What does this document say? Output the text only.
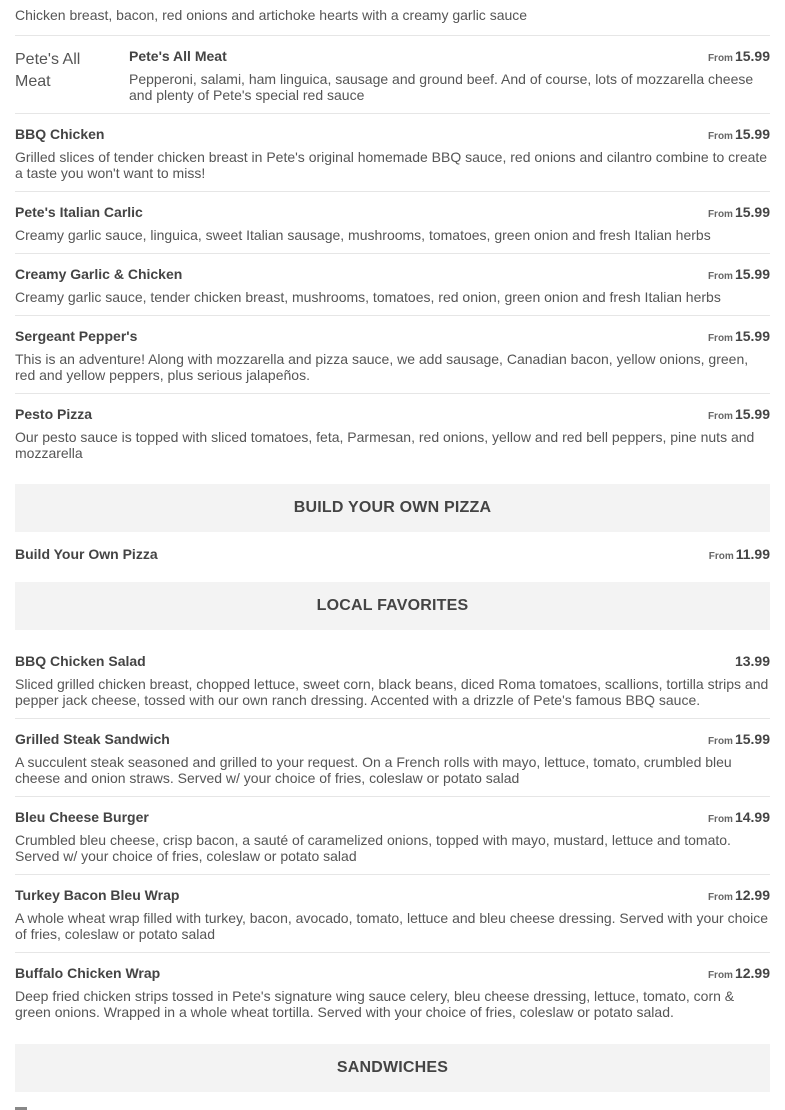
Chicken breast, bacon, red onions and artichoke hearts with a creamy garlic sauce
Pete's All Meat
Pete's All Meat	From 15.99
Pepperoni, salami, ham linguica, sausage and ground beef. And of course, lots of mozzarella cheese and plenty of Pete's special red sauce
BBQ Chicken	From 15.99
Grilled slices of tender chicken breast in Pete's original homemade BBQ sauce, red onions and cilantro combine to create a taste you won't want to miss!
Pete's Italian Carlic	From 15.99
Creamy garlic sauce, linguica, sweet Italian sausage, mushrooms, tomatoes, green onion and fresh Italian herbs
Creamy Garlic & Chicken	From 15.99
Creamy garlic sauce, tender chicken breast, mushrooms, tomatoes, red onion, green onion and fresh Italian herbs
Sergeant Pepper's	From 15.99
This is an adventure! Along with mozzarella and pizza sauce, we add sausage, Canadian bacon, yellow onions, green, red and yellow peppers, plus serious jalapeños.
Pesto Pizza	From 15.99
Our pesto sauce is topped with sliced tomatoes, feta, Parmesan, red onions, yellow and red bell peppers, pine nuts and mozzarella
BUILD YOUR OWN PIZZA
Build Your Own Pizza	From 11.99
LOCAL FAVORITES
BBQ Chicken Salad	13.99
Sliced grilled chicken breast, chopped lettuce, sweet corn, black beans, diced Roma tomatoes, scallions, tortilla strips and pepper jack cheese, tossed with our own ranch dressing. Accented with a drizzle of Pete's famous BBQ sauce.
Grilled Steak Sandwich	From 15.99
A succulent steak seasoned and grilled to your request. On a French rolls with mayo, lettuce, tomato, crumbled bleu cheese and onion straws. Served w/ your choice of fries, coleslaw or potato salad
Bleu Cheese Burger	From 14.99
Crumbled bleu cheese, crisp bacon, a sauté of caramelized onions, topped with mayo, mustard, lettuce and tomato. Served w/ your choice of fries, coleslaw or potato salad
Turkey Bacon Bleu Wrap	From 12.99
A whole wheat wrap filled with turkey, bacon, avocado, tomato, lettuce and bleu cheese dressing. Served with your choice of fries, coleslaw or potato salad
Buffalo Chicken Wrap	From 12.99
Deep fried chicken strips tossed in Pete's signature wing sauce celery, bleu cheese dressing, lettuce, tomato, corn & green onions. Wrapped in a whole wheat tortilla. Served with your choice of fries, coleslaw or potato salad.
SANDWICHES
